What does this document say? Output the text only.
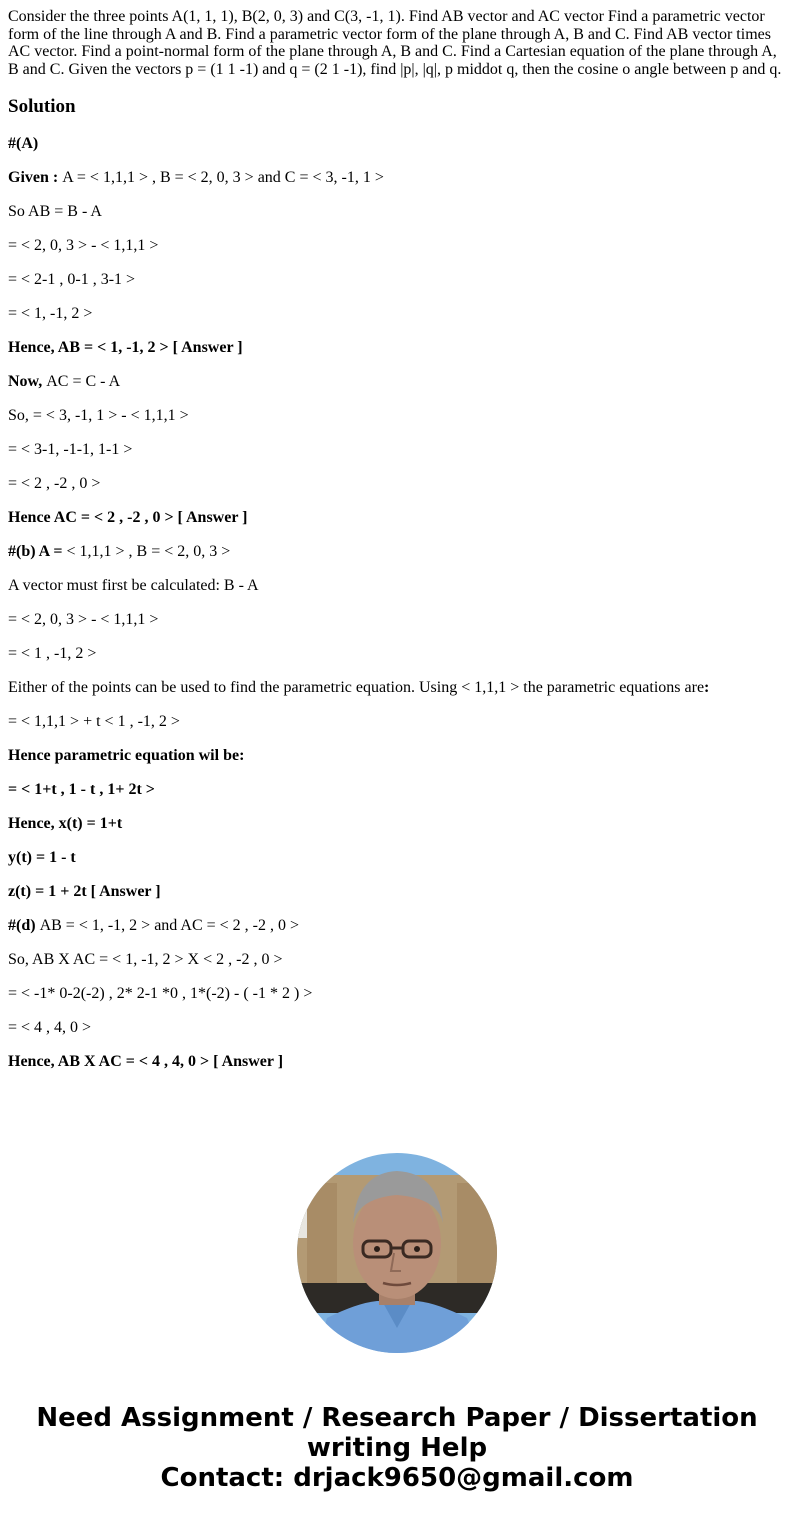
Consider the three points A(1, 1, 1), B(2, 0, 3) and C(3, -1, 1). Find AB vector and AC vector Find a parametric vector form of the line through A and B. Find a parametric vector form of the plane through A, B and C. Find AB vector times AC vector. Find a point-normal form of the plane through A, B and C. Find a Cartesian equation of the plane through A, B and C. Given the vectors p = (1 1 -1) and q = (2 1 -1), find |p|, |q|, p middot q, then the cosine o angle between p and q.
Solution

#(A)

Given : A = < 1,1,1 > , B = < 2, 0, 3 > and C = < 3, -1, 1 >

So AB = B - A

= < 2, 0, 3 > - < 1,1,1 >

= < 2-1 , 0-1 , 3-1 >

= < 1, -1, 2 >

Hence, AB = < 1, -1, 2 > [ Answer ]

Now, AC = C - A

So, = < 3, -1, 1 > - < 1,1,1 >

= < 3-1, -1-1, 1-1 >

= < 2 , -2 , 0 >

Hence AC = < 2 , -2 , 0 > [ Answer ]

#(b) A = < 1,1,1 > , B = < 2, 0, 3 >

A vector must first be calculated: B - A

= < 2, 0, 3 > - < 1,1,1 >

= < 1 , -1, 2 >

Either of the points can be used to find the parametric equation. Using < 1,1,1 > the parametric equations are:

= < 1,1,1 > + t < 1 , -1, 2 >

Hence parametric equation wil be:

= < 1+t , 1 - t , 1+ 2t >

Hence, x(t) = 1+t

y(t) = 1 - t

z(t) = 1 + 2t [ Answer ]

#(d) AB = < 1, -1, 2 > and AC = < 2 , -2 , 0 >

So, AB X AC = < 1, -1, 2 > X < 2 , -2 , 0 >

= < -1* 0-2(-2) , 2* 2-1 *0 , 1*(-2) - ( -1 * 2 ) >

= < 4 , 4, 0 >

Hence, AB X AC = < 4 , 4, 0 > [ Answer ]

Need Assignment / Research Paper / Dissertation
writing Help
Contact: drjack9650@gmail.com
